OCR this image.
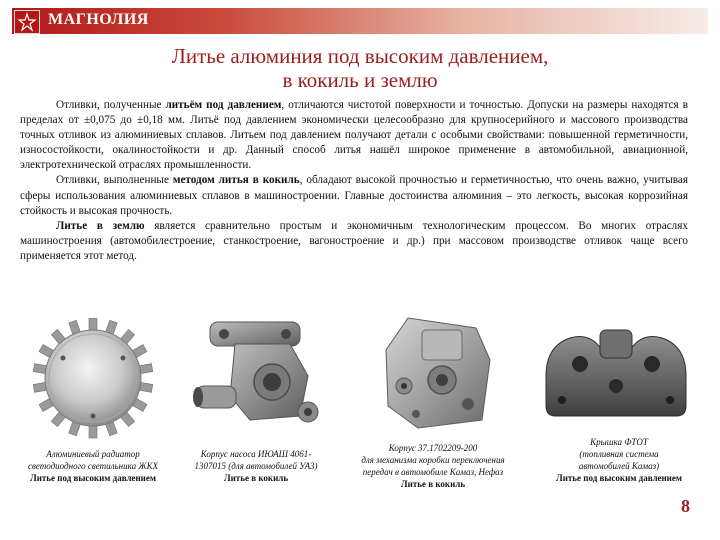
МАГНОЛИЯ
Литье алюминия под высоким давлением,
в кокиль и землю

Отливки, полученные литьём под давлением, отличаются чистотой поверхности и точностью. Допуски на размеры находятся в пределах от ±0,075 до ±0,18 мм. Литьё под давлением экономически целесообразно для крупносерийного и массового производства точных отливок из алюминиевых сплавов. Литьем под давлением получают детали с особыми свойствами: повышенной герметичности, износостойкости, окалиностойкости и др. Данный способ литья нашёл широкое применение в автомобильной, авиационной, электротехнической отраслях промышленности.

Отливки, выполненные методом литья в кокиль, обладают высокой прочностью и герметичностью, что очень важно, учитывая сферы использования алюминиевых сплавов в машиностроении. Главные достоинства алюминия – это легкость, высокая коррозийная стойкость и высокая прочность.

Литье в землю является сравнительно простым и экономичным технологическим процессом. Во многих отраслях машиностроения (автомобилестроение, станкостроение, вагоностроение и др.) при массовом производстве отливок чаще всего применяется этот метод.

Алюминиевый радиатор
светодиодного светильника ЖКХ
Литье под высоким давлением
Корпус насоса ИЮАШ 4061-
1307015 (для автомобилей УАЗ)
Литье в кокиль
Корпус 37.1702209-200
для механизма коробки переключения
передач в автомобиле Камаз, Нефаз
Литье в кокиль
Крышка ФТОТ
(топливная система
автомобилей Камаз)
Литье под высоким давлением
8
